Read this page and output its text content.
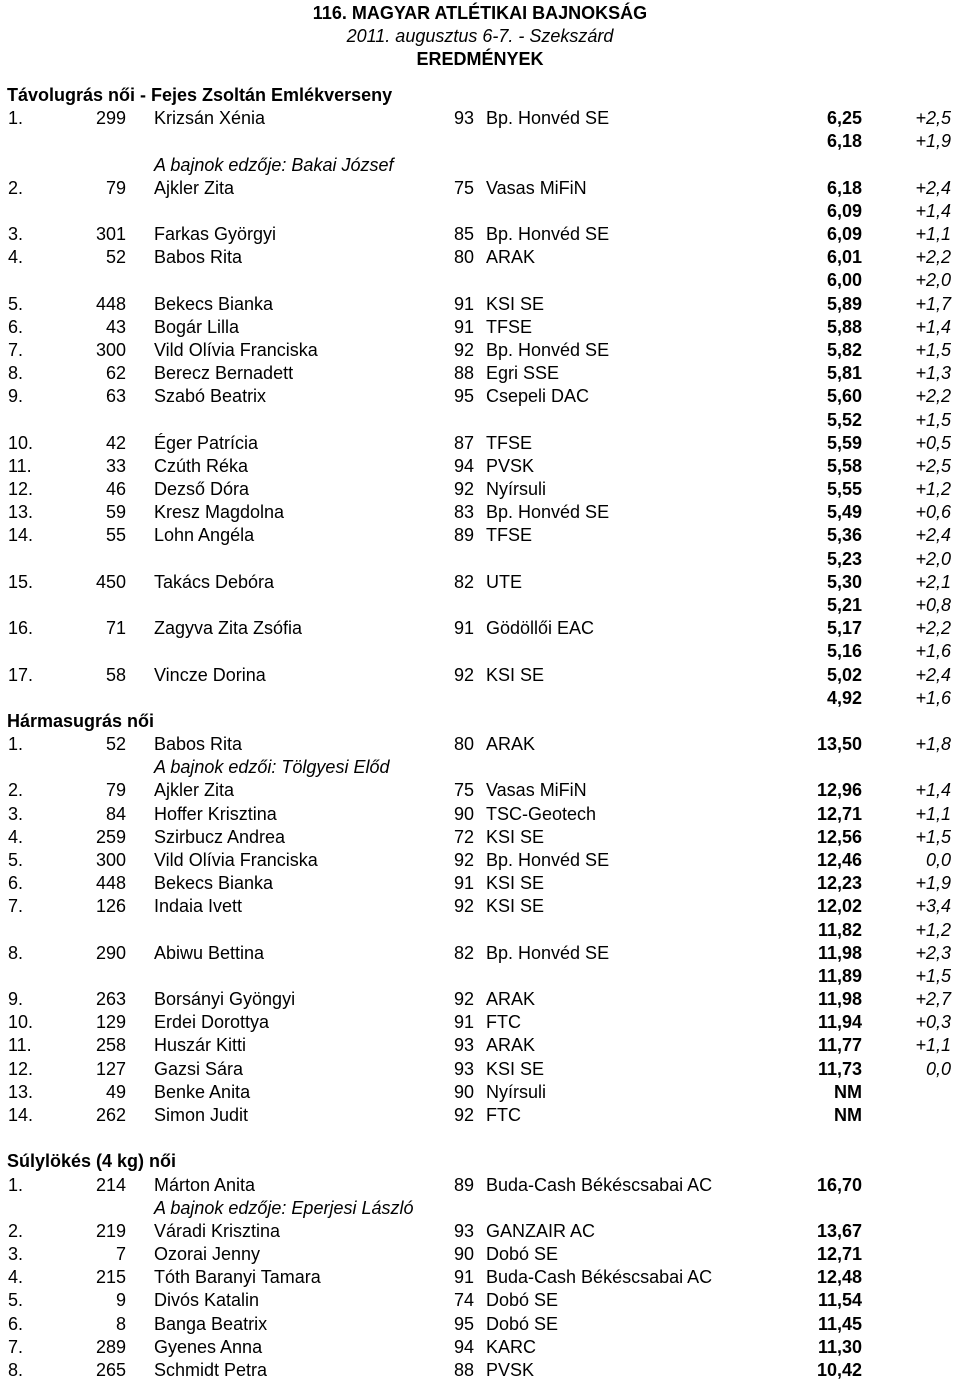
116. MAGYAR ATLÉTIKAI BAJNOKSÁG
2011. augusztus 6-7. - Szekszárd
EREDMÉNYEK
Távolugrás női - Fejes Zsoltán Emlékverseny
1.	299 Krizsán Xénia	93 Bp. Honvéd SE	6,25	+2,5
6,18	+1,9
A bajnok edzője: Bakai József
2.	79 Ajkler Zita	75 Vasas MiFiN	6,18	+2,4
6,09	+1,4
3.	301 Farkas Györgyi	85 Bp. Honvéd SE	6,09	+1,1
4.	52 Babos Rita	80 ARAK	6,01	+2,2
6,00	+2,0
5.	448 Bekecs Bianka	91 KSI SE	5,89	+1,7
6.	43 Bogár Lilla	91 TFSE	5,88	+1,4
7.	300 Vild Olívia Franciska	92 Bp. Honvéd SE	5,82	+1,5
8.	62 Berecz Bernadett	88 Egri SSE	5,81	+1,3
9.	63 Szabó Beatrix	95 Csepeli DAC	5,60	+2,2
5,52	+1,5
10.	42 Éger Patrícia	87 TFSE	5,59	+0,5
11.	33 Czúth Réka	94 PVSK	5,58	+2,5
12.	46 Dezső Dóra	92 Nyírsuli	5,55	+1,2
13.	59 Kresz Magdolna	83 Bp. Honvéd SE	5,49	+0,6
14.	55 Lohn Angéla	89 TFSE	5,36	+2,4
5,23	+2,0
15.	450 Takács Debóra	82 UTE	5,30	+2,1
5,21	+0,8
16.	71 Zagyva Zita Zsófia	91 Gödöllői EAC	5,17	+2,2
5,16	+1,6
17.	58 Vincze Dorina	92 KSI SE	5,02	+2,4
4,92	+1,6
Hármasugrás női
1.	52 Babos Rita	80 ARAK	13,50	+1,8
A bajnok edzői: Tölgyesi Előd
2.	79 Ajkler Zita	75 Vasas MiFiN	12,96	+1,4
3.	84 Hoffer Krisztina	90 TSC-Geotech	12,71	+1,1
4.	259 Szirbucz Andrea	72 KSI SE	12,56	+1,5
5.	300 Vild Olívia Franciska	92 Bp. Honvéd SE	12,46	0,0
6.	448 Bekecs Bianka	91 KSI SE	12,23	+1,9
7.	126 Indaia Ivett	92 KSI SE	12,02	+3,4
11,82	+1,2
8.	290 Abiwu Bettina	82 Bp. Honvéd SE	11,98	+2,3
11,89	+1,5
9.	263 Borsányi Gyöngyi	92 ARAK	11,98	+2,7
10.	129 Erdei Dorottya	91 FTC	11,94	+0,3
11.	258 Huszár Kitti	93 ARAK	11,77	+1,1
12.	127 Gazsi Sára	93 KSI SE	11,73	0,0
13.	49 Benke Anita	90 Nyírsuli	NM
14.	262 Simon Judit	92 FTC	NM
Súlylökés (4 kg) női
1.	214 Márton Anita	89 Buda-Cash Békéscsabai AC	16,70
A bajnok edzője: Eperjesi László
2.	219 Váradi Krisztina	93 GANZAIR AC	13,67
3.	7 Ozorai Jenny	90 Dobó SE	12,71
4.	215 Tóth Baranyi Tamara	91 Buda-Cash Békéscsabai AC	12,48
5.	9 Divós Katalin	74 Dobó SE	11,54
6.	8 Banga Beatrix	95 Dobó SE	11,45
7.	289 Gyenes Anna	94 KARC	11,30
8.	265 Schmidt Petra	88 PVSK	10,42
